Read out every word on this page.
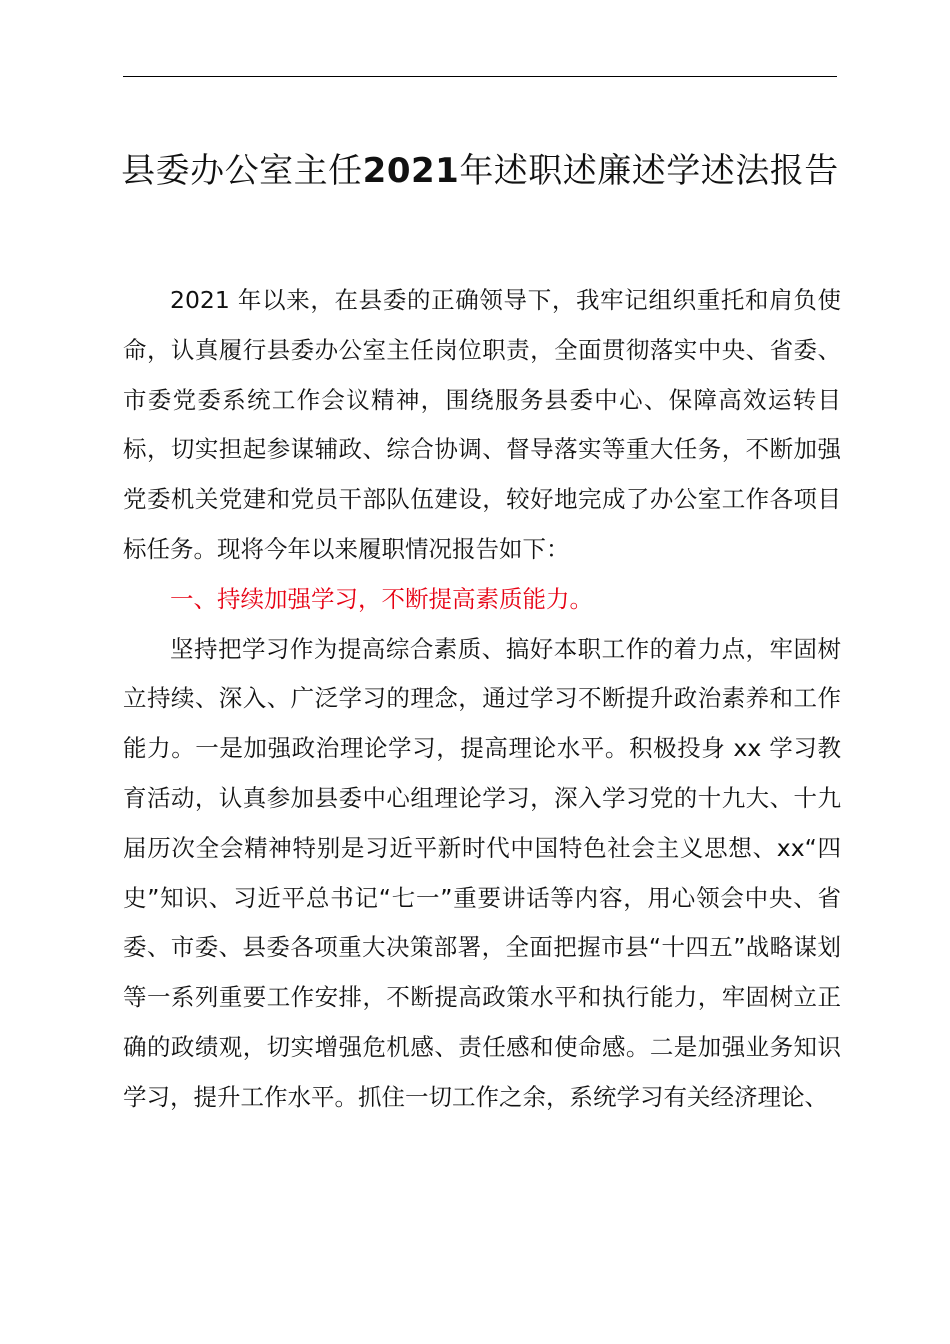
县委办公室主任2021年述职述廉述学述法报告

2021 年以来，在县委的正确领导下，我牢记组织重托和肩负使命，认真履行县委办公室主任岗位职责，全面贯彻落实中央、省委、市委党委系统工作会议精神，围绕服务县委中心、保障高效运转目标，切实担起参谋辅政、综合协调、督导落实等重大任务，不断加强党委机关党建和党员干部队伍建设，较好地完成了办公室工作各项目标任务。现将今年以来履职情况报告如下：

一、持续加强学习，不断提高素质能力。

坚持把学习作为提高综合素质、搞好本职工作的着力点，牢固树立持续、深入、广泛学习的理念，通过学习不断提升政治素养和工作能力。一是加强政治理论学习，提高理论水平。积极投身 xx 学习教育活动，认真参加县委中心组理论学习，深入学习党的十九大、十九届历次全会精神特别是习近平新时代中国特色社会主义思想、xx“四史”知识、习近平总书记“七一”重要讲话等内容，用心领会中央、省委、市委、县委各项重大决策部署，全面把握市县“十四五”战略谋划等一系列重要工作安排，不断提高政策水平和执行能力，牢固树立正确的政绩观，切实增强危机感、责任感和使命感。二是加强业务知识学习，提升工作水平。抓住一切工作之余，系统学习有关经济理论、
